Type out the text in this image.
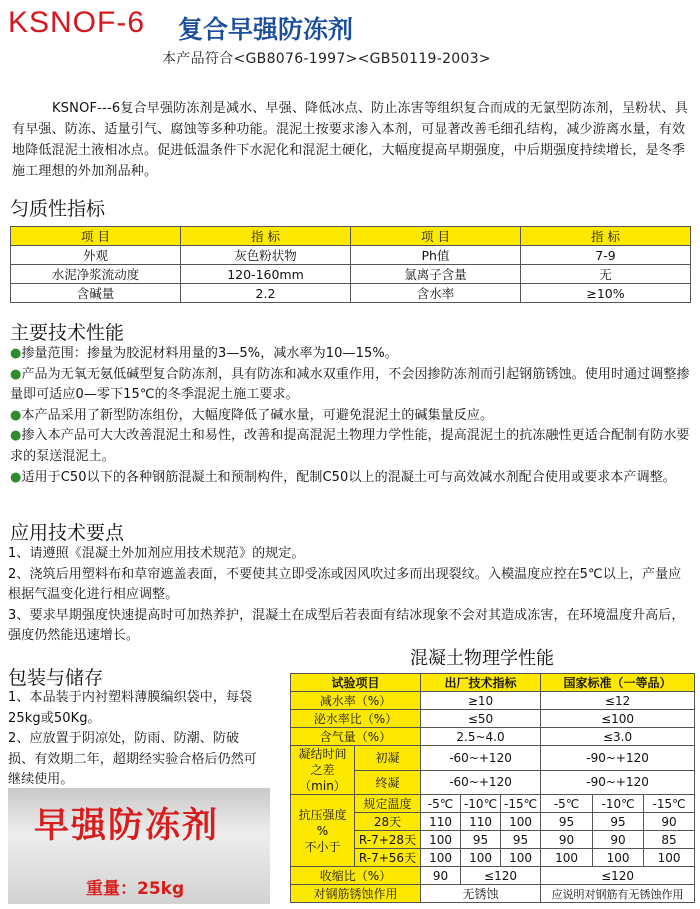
KSNOF-6 复合早强防冻剂
本产品符合<GB8076-1997><GB50119-2003>
KSNOF---6复合早强防冻剂是减水、早强、降低冰点、防止冻害等组织复合而成的无氯型防冻剂，呈粉状、具有早强、防冻、适量引气、腐蚀等多种功能。混泥土按要求渗入本剂，可显著改善毛细孔结构，减少游离水量，有效地降低混泥土液相冰点。促进低温条件下水泥化和混泥土硬化，大幅度提高早期强度，中后期强度持续增长，是冬季施工理想的外加剂品种。
匀质性指标
项 目	指 标	项 目	指 标
外观	灰色粉状物	Ph值	7-9
水泥净浆流动度	120-160mm	氯离子含量	无
含碱量	2.2	含水率	≥10%
主要技术性能
●掺量范围：掺量为胶泥材料用量的3—5%，减水率为10—15%。
●产品为无氧无氨低碱型复合防冻剂，具有防冻和减水双重作用，不会因掺防冻剂而引起钢筋锈蚀。使用时通过调整掺量即可适应0—零下15℃的冬季混泥土施工要求。
●本产品采用了新型防冻组份，大幅度降低了碱水量，可避免混泥土的碱集量反应。
●掺入本产品可大大改善混泥土和易性，改善和提高混泥土物理力学性能，提高混泥土的抗冻融性更适合配制有防水要求的泵送混泥土。
●适用于C50以下的各种钢筋混凝土和预制构件，配制C50以上的混凝土可与高效减水剂配合使用或要求本产调整。
应用技术要点
1、请遵照《混凝土外加剂应用技术规范》的规定。
2、浇筑后用塑料布和草帘遮盖表面，不要使其立即受冻或因风吹过多而出现裂纹。入模温度应控在5℃以上，产量应根据气温变化进行相应调整。
3、要求早期强度快速提高时可加热养护，混凝土在成型后若表面有结冰现象不会对其造成冻害，在环境温度升高后，强度仍然能迅速增长。
包装与储存
1、本品装于内衬塑料薄膜编织袋中，每袋25kg或50Kg。
2、应放置于阴凉处，防雨、防潮、防破损、有效期二年，超期经实验合格后仍然可继续使用。
早强防冻剂
重量：25kg
混凝土物理学性能
试验项目		出厂技术指标			国家标准（一等品）		
减水率（%）		≥10			≤12		
泌水率比（%）		≤50			≤100		
含气量（%）		2.5~4.0			≤3.0		

凝结时间
之差（min）	初凝	-60~+120			-90~+120		
	终凝	-60~+120			-90~+120		

抗压强度
%
不小于	规定温度	-5℃	-10℃	-15℃	-5℃	-10℃	-15℃
	28天	110	110	100	95	95	90
	R-7+28天	100	95	95	90	90	85
	R-7+56天	100	100	100	100	100	100
收缩比（%）		90	≤120		≤120		
对钢筋锈蚀作用		无锈蚀			应说明对钢筋有无锈蚀作用		
